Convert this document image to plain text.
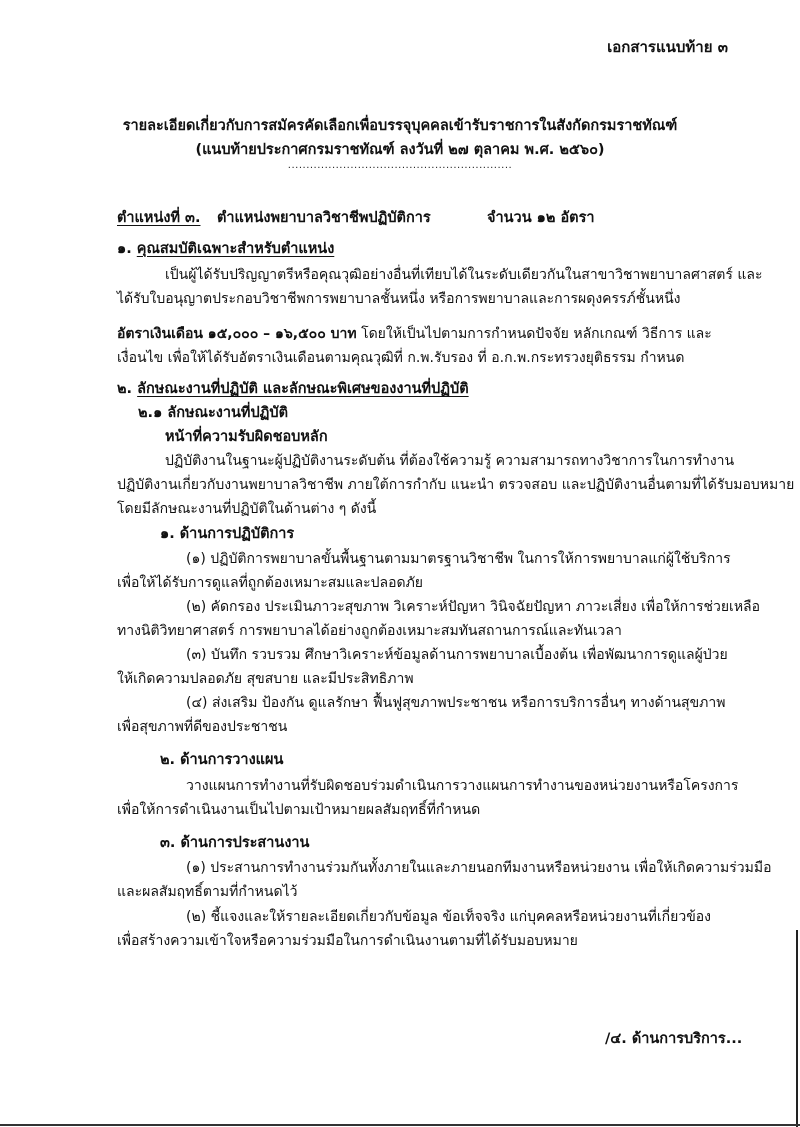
เอกสารแนบท้าย ๓
รายละเอียดเกี่ยวกับการสมัครคัดเลือกเพื่อบรรจุบุคคลเข้ารับราชการในสังกัดกรมราชทัณฑ์
(แนบท้ายประกาศกรมราชทัณฑ์ ลงวันที่ ๒๗ ตุลาคม พ.ศ. ๒๕๖๐)
.............................................................
ตำแหน่งที่ ๓. ตำแหน่งพยาบาลวิชาชีพปฏิบัติการ	จำนวน ๑๒ อัตรา
๑. คุณสมบัติเฉพาะสำหรับตำแหน่ง
เป็นผู้ได้รับปริญญาตรีหรือคุณวุฒิอย่างอื่นที่เทียบได้ในระดับเดียวกันในสาขาวิชาพยาบาลศาสตร์ และ
ได้รับใบอนุญาตประกอบวิชาชีพการพยาบาลชั้นหนึ่ง หรือการพยาบาลและการผดุงครรภ์ชั้นหนึ่ง
อัตราเงินเดือน ๑๕,๐๐๐ – ๑๖,๕๐๐ บาท โดยให้เป็นไปตามการกำหนดปัจจัย หลักเกณฑ์ วิธีการ และ
เงื่อนไข เพื่อให้ได้รับอัตราเงินเดือนตามคุณวุฒิที่ ก.พ.รับรอง ที่ อ.ก.พ.กระทรวงยุติธรรม กำหนด
๒. ลักษณะงานที่ปฏิบัติ และลักษณะพิเศษของงานที่ปฏิบัติ
๒.๑ ลักษณะงานที่ปฏิบัติ
หน้าที่ความรับผิดชอบหลัก
ปฏิบัติงานในฐานะผู้ปฏิบัติงานระดับต้น ที่ต้องใช้ความรู้ ความสามารถทางวิชาการในการทำงาน
ปฏิบัติงานเกี่ยวกับงานพยาบาลวิชาชีพ ภายใต้การกำกับ แนะนำ ตรวจสอบ และปฏิบัติงานอื่นตามที่ได้รับมอบหมาย
โดยมีลักษณะงานที่ปฏิบัติในด้านต่าง ๆ ดังนี้
๑. ด้านการปฏิบัติการ
(๑) ปฏิบัติการพยาบาลขั้นพื้นฐานตามมาตรฐานวิชาชีพ ในการให้การพยาบาลแก่ผู้ใช้บริการ
เพื่อให้ได้รับการดูแลที่ถูกต้องเหมาะสมและปลอดภัย
(๒) คัดกรอง ประเมินภาวะสุขภาพ วิเคราะห์ปัญหา วินิจฉัยปัญหา ภาวะเสี่ยง เพื่อให้การช่วยเหลือ
ทางนิติวิทยาศาสตร์ การพยาบาลได้อย่างถูกต้องเหมาะสมทันสถานการณ์และทันเวลา
(๓) บันทึก รวบรวม ศึกษาวิเคราะห์ข้อมูลด้านการพยาบาลเบื้องต้น เพื่อพัฒนาการดูแลผู้ป่วย
ให้เกิดความปลอดภัย สุขสบาย และมีประสิทธิภาพ
(๔) ส่งเสริม ป้องกัน ดูแลรักษา ฟื้นฟูสุขภาพประชาชน หรือการบริการอื่นๆ ทางด้านสุขภาพ
เพื่อสุขภาพที่ดีของประชาชน
๒. ด้านการวางแผน
วางแผนการทำงานที่รับผิดชอบร่วมดำเนินการวางแผนการทำงานของหน่วยงานหรือโครงการ
เพื่อให้การดำเนินงานเป็นไปตามเป้าหมายผลสัมฤทธิ์ที่กำหนด
๓. ด้านการประสานงาน
(๑) ประสานการทำงานร่วมกันทั้งภายในและภายนอกทีมงานหรือหน่วยงาน เพื่อให้เกิดความร่วมมือ
และผลสัมฤทธิ์ตามที่กำหนดไว้
(๒) ชี้แจงและให้รายละเอียดเกี่ยวกับข้อมูล ข้อเท็จจริง แก่บุคคลหรือหน่วยงานที่เกี่ยวข้อง
เพื่อสร้างความเข้าใจหรือความร่วมมือในการดำเนินงานตามที่ได้รับมอบหมาย
/๔. ด้านการบริการ...
